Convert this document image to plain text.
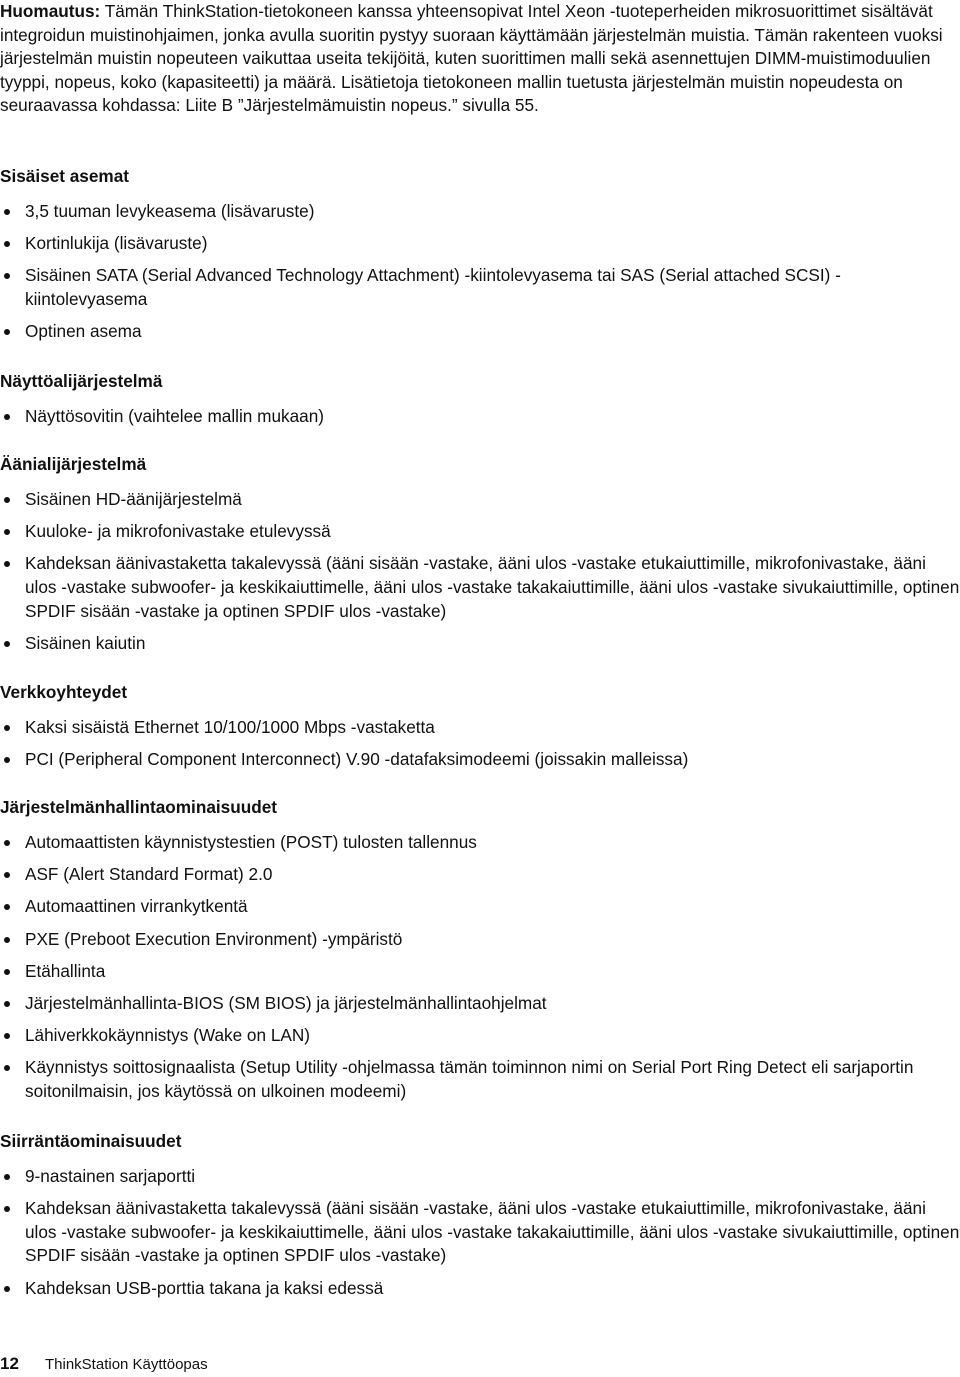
Huomautus: Tämän ThinkStation-tietokoneen kanssa yhteensopivat Intel Xeon -tuoteperheiden mikrosuorittimet sisältävät integroidun muistinohjaimen, jonka avulla suoritin pystyy suoraan käyttämään järjestelmän muistia. Tämän rakenteen vuoksi järjestelmän muistin nopeuteen vaikuttaa useita tekijöitä, kuten suorittimen malli sekä asennettujen DIMM-muistimoduulien tyyppi, nopeus, koko (kapasiteetti) ja määrä. Lisätietoja tietokoneen mallin tuetusta järjestelmän muistin nopeudesta on seuraavassa kohdassa: Liite B ”Järjestelmämuistin nopeus.” sivulla 55.

Sisäiset asemat
3,5 tuuman levykeasema (lisävaruste)
Kortinlukija (lisävaruste)
Sisäinen SATA (Serial Advanced Technology Attachment) -kiintolevyasema tai SAS (Serial attached SCSI) -kiintolevyasema
Optinen asema
Näyttöalijärjestelmä
Näyttösovitin (vaihtelee mallin mukaan)
Äänialijärjestelmä
Sisäinen HD-äänijärjestelmä
Kuuloke- ja mikrofonivastake etulevyssä
Kahdeksan äänivastaketta takalevyssä (ääni sisään -vastake, ääni ulos -vastake etukaiuttimille, mikrofonivastake, ääni ulos -vastake subwoofer- ja keskikaiuttimelle, ääni ulos -vastake takakaiuttimille, ääni ulos -vastake sivukaiuttimille, optinen SPDIF sisään -vastake ja optinen SPDIF ulos -vastake)
Sisäinen kaiutin
Verkkoyhteydet
Kaksi sisäistä Ethernet 10/100/1000 Mbps -vastaketta
PCI (Peripheral Component Interconnect) V.90 -datafaksimodeemi (joissakin malleissa)
Järjestelmänhallintaominaisuudet
Automaattisten käynnistystestien (POST) tulosten tallennus
ASF (Alert Standard Format) 2.0
Automaattinen virrankytkentä
PXE (Preboot Execution Environment) -ympäristö
Etähallinta
Järjestelmänhallinta-BIOS (SM BIOS) ja järjestelmänhallintaohjelmat
Lähiverkkokäynnistys (Wake on LAN)
Käynnistys soittosignaalista (Setup Utility -ohjelmassa tämän toiminnon nimi on Serial Port Ring Detect eli sarjaportin soitonilmaisin, jos käytössä on ulkoinen modeemi)
Siirräntäominaisuudet
9-nastainen sarjaportti
Kahdeksan äänivastaketta takalevyssä (ääni sisään -vastake, ääni ulos -vastake etukaiuttimille, mikrofonivastake, ääni ulos -vastake subwoofer- ja keskikaiuttimelle, ääni ulos -vastake takakaiuttimille, ääni ulos -vastake sivukaiuttimille, optinen SPDIF sisään -vastake ja optinen SPDIF ulos -vastake)
Kahdeksan USB-porttia takana ja kaksi edessä
12 ThinkStation Käyttöopas
